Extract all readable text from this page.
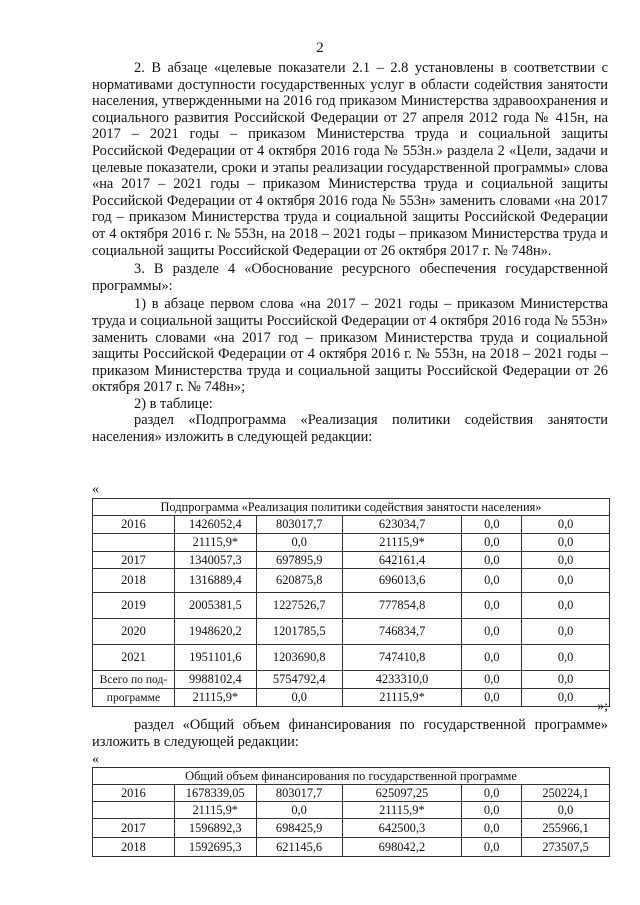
2

2. В абзаце «целевые показатели 2.1 – 2.8 установлены в соответствии с нормативами доступности государственных услуг в области содействия занятости населения, утвержденными на 2016 год приказом Министерства здравоохранения и социального развития Российской Федерации от 27 апреля 2012 года № 415н, на 2017 – 2021 годы – приказом Министерства труда и социальной защиты Российской Федерации от 4 октября 2016 года № 553н.» раздела 2 «Цели, задачи и целевые показатели, сроки и этапы реализации государственной программы» слова «на 2017 – 2021 годы – приказом Министерства труда и социальной защиты Российской Федерации от 4 октября 2016 года № 553н» заменить словами «на 2017 год – приказом Министерства труда и социальной защиты Российской Федерации от 4 октября 2016 г. № 553н, на 2018 – 2021 годы – приказом Министерства труда и социальной защиты Российской Федерации от 26 октября 2017 г. № 748н».

3. В разделе 4 «Обоснование ресурсного обеспечения государственной программы»:

1) в абзаце первом слова «на 2017 – 2021 годы – приказом Министерства труда и социальной защиты Российской Федерации от 4 октября 2016 года № 553н» заменить словами «на 2017 год – приказом Министерства труда и социальной защиты Российской Федерации от 4 октября 2016 г. № 553н, на 2018 – 2021 годы – приказом Министерства труда и социальной защиты Российской Федерации от 26 октября 2017 г. № 748н»;

2) в таблице:

раздел «Подпрограмма «Реализация политики содействия занятости населения» изложить в следующей редакции:

«
Подпрограмма «Реализация политики содействия занятости населения»					
2016	1426052,4	803017,7	623034,7	0,0	0,0
	21115,9*	0,0	21115,9*	0,0	0,0
2017	1340057,3	697895,9	642161,4	0,0	0,0
2018	1316889,4	620875,8	696013,6	0,0	0,0
2019	2005381,5	1227526,7	777854,8	0,0	0,0
2020	1948620,2	1201785,5	746834,7	0,0	0,0
2021	1951101,6	1203690,8	747410,8	0,0	0,0
Всего по под-	9988102,4	5754792,4	4233310,0	0,0	0,0
программе	21115,9*	0,0	21115,9*	0,0	0,0
»;

раздел «Общий объем финансирования по государственной программе» изложить в следующей редакции:

«
Общий объем финансирования по государственной программе					
2016	1678339,05	803017,7	625097,25	0,0	250224,1
	21115,9*	0,0	21115,9*	0,0	0,0
2017	1596892,3	698425,9	642500,3	0,0	255966,1
2018	1592695,3	621145,6	698042,2	0,0	273507,5
